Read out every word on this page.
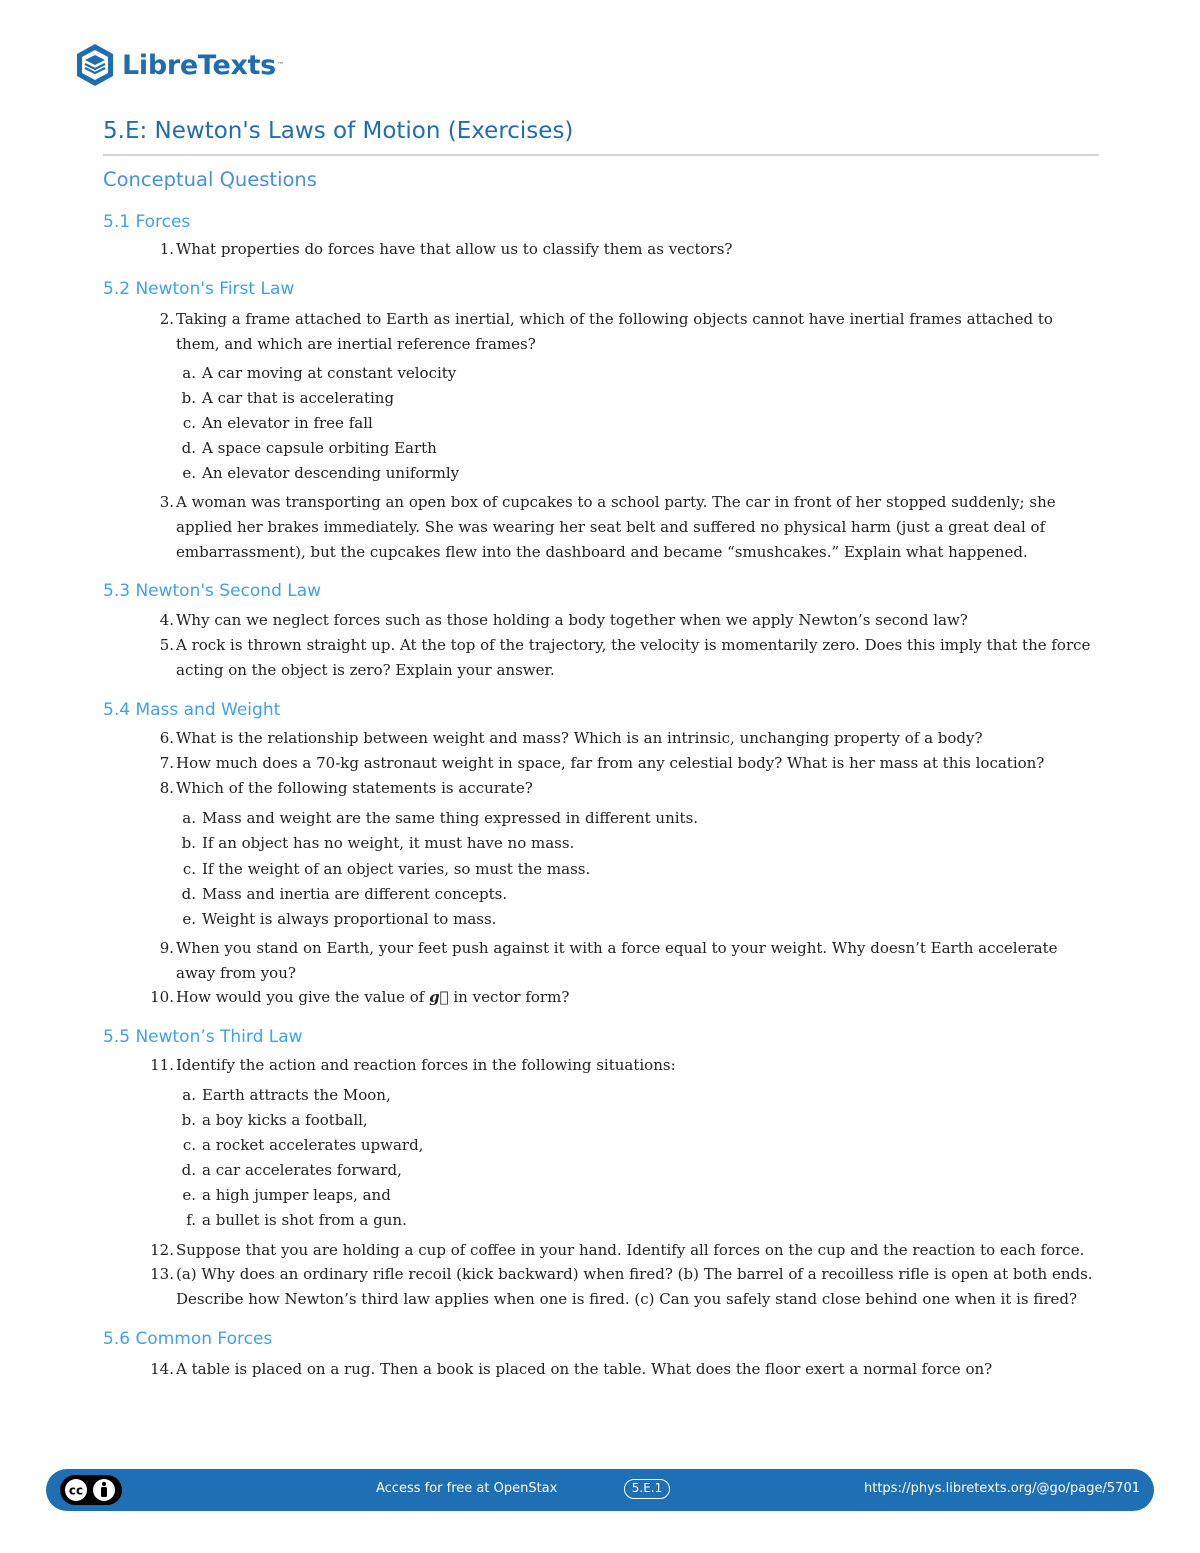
LibreTexts ™
5.E: Newton's Laws of Motion (Exercises)
Conceptual Questions
5.1 Forces
1. What properties do forces have that allow us to classify them as vectors?
5.2 Newton's First Law
2. Taking a frame attached to Earth as inertial, which of the following objects cannot have inertial frames attached to them, and which are inertial reference frames?
a. A car moving at constant velocity
b. A car that is accelerating
c. An elevator in free fall
d. A space capsule orbiting Earth
e. An elevator descending uniformly
3. A woman was transporting an open box of cupcakes to a school party. The car in front of her stopped suddenly; she applied her brakes immediately. She was wearing her seat belt and suffered no physical harm (just a great deal of embarrassment), but the cupcakes flew into the dashboard and became “smushcakes.” Explain what happened.
5.3 Newton's Second Law
4. Why can we neglect forces such as those holding a body together when we apply Newton’s second law?
5. A rock is thrown straight up. At the top of the trajectory, the velocity is momentarily zero. Does this imply that the force acting on the object is zero? Explain your answer.
5.4 Mass and Weight
6. What is the relationship between weight and mass? Which is an intrinsic, unchanging property of a body?
7. How much does a 70-kg astronaut weight in space, far from any celestial body? What is her mass at this location?
8. Which of the following statements is accurate?
a. Mass and weight are the same thing expressed in different units.
b. If an object has no weight, it must have no mass.
c. If the weight of an object varies, so must the mass.
d. Mass and inertia are different concepts.
e. Weight is always proportional to mass.
9. When you stand on Earth, your feet push against it with a force equal to your weight. Why doesn’t Earth accelerate away from you?
10. How would you give the value of g⃗ in vector form?
5.5 Newton’s Third Law
11. Identify the action and reaction forces in the following situations:
a. Earth attracts the Moon,
b. a boy kicks a football,
c. a rocket accelerates upward,
d. a car accelerates forward,
e. a high jumper leaps, and
f. a bullet is shot from a gun.
12. Suppose that you are holding a cup of coffee in your hand. Identify all forces on the cup and the reaction to each force.
13. (a) Why does an ordinary rifle recoil (kick backward) when fired? (b) The barrel of a recoilless rifle is open at both ends. Describe how Newton’s third law applies when one is fired. (c) Can you safely stand close behind one when it is fired?
5.6 Common Forces
14. A table is placed on a rug. Then a book is placed on the table. What does the floor exert a normal force on?
cc	Access for free at OpenStax	5.E.1	https://phys.libretexts.org/@go/page/5701
